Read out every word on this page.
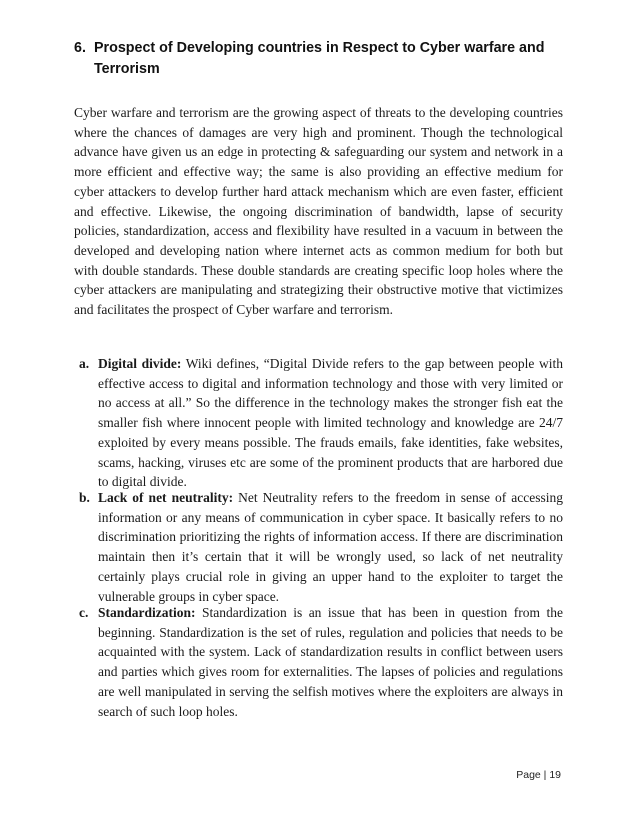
6. Prospect of Developing countries in Respect to Cyber warfare and Terrorism

Cyber warfare and terrorism are the growing aspect of threats to the developing countries where the chances of damages are very high and prominent. Though the technological advance have given us an edge in protecting & safeguarding our system and network in a more efficient and effective way; the same is also providing an effective medium for cyber attackers to develop further hard attack mechanism which are even faster, efficient and effective. Likewise, the ongoing discrimination of bandwidth, lapse of security policies, standardization, access and flexibility have resulted in a vacuum in between the developed and developing nation where internet acts as common medium for both but with double standards. These double standards are creating specific loop holes where the cyber attackers are manipulating and strategizing their obstructive motive that victimizes and facilitates the prospect of Cyber warfare and terrorism.

a. Digital divide: Wiki defines, “Digital Divide refers to the gap between people with effective access to digital and information technology and those with very limited or no access at all.” So the difference in the technology makes the stronger fish eat the smaller fish where innocent people with limited technology and knowledge are 24/7 exploited by every means possible. The frauds emails, fake identities, fake websites, scams, hacking, viruses etc are some of the prominent products that are harbored due to digital divide.
b. Lack of net neutrality: Net Neutrality refers to the freedom in sense of accessing information or any means of communication in cyber space. It basically refers to no discrimination prioritizing the rights of information access. If there are discrimination maintain then it’s certain that it will be wrongly used, so lack of net neutrality certainly plays crucial role in giving an upper hand to the exploiter to target the vulnerable groups in cyber space.
c. Standardization: Standardization is an issue that has been in question from the beginning. Standardization is the set of rules, regulation and policies that needs to be acquainted with the system. Lack of standardization results in conflict between users and parties which gives room for externalities. The lapses of policies and regulations are well manipulated in serving the selfish motives where the exploiters are always in search of such loop holes.
Page | 19
